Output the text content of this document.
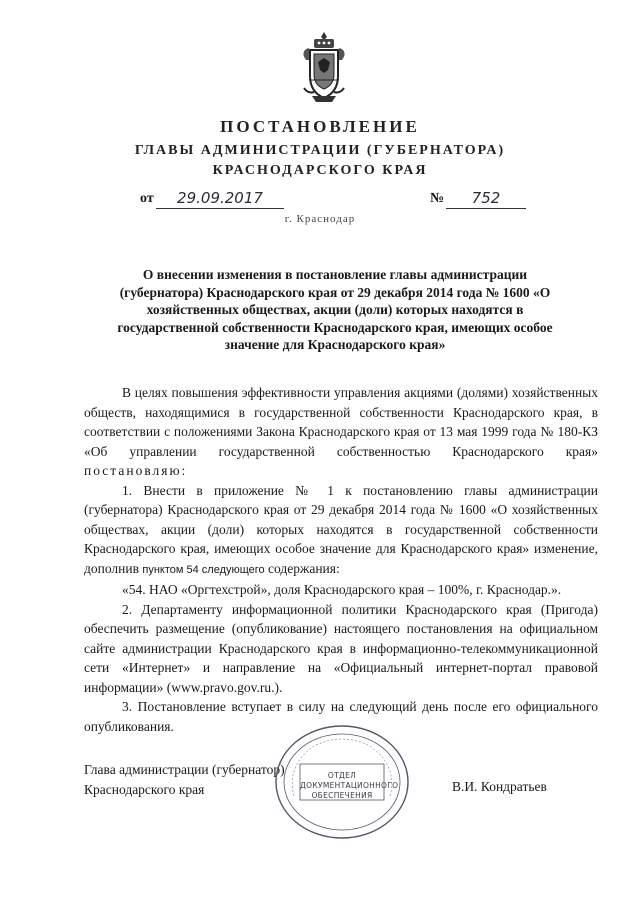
ПОСТАНОВЛЕНИЕ
ГЛАВЫ АДМИНИСТРАЦИИ (ГУБЕРНАТОРА)
КРАСНОДАРСКОГО КРАЯ
от	29.09.2017	№	752
г. Краснодар
О внесении изменения в постановление главы администрации (губернатора) Краснодарского края от 29 декабря 2014 года № 1600 «О хозяйственных обществах, акции (доли) которых находятся в государственной собственности Краснодарского края, имеющих особое значение для Краснодарского края»

В целях повышения эффективности управления акциями (долями) хозяйственных обществ, находящимися в государственной собственности Краснодарского края, в соответствии с положениями Закона Краснодарского края от 13 мая 1999 года № 180-КЗ «Об управлении государственной собственностью Краснодарского края» постановляю:

1. Внести в приложение № 1 к постановлению главы администрации (губернатора) Краснодарского края от 29 декабря 2014 года № 1600 «О хозяйственных обществах, акции (доли) которых находятся в государственной собственности Краснодарского края, имеющих особое значение для Краснодарского края» изменение, дополнив пунктом 54 следующего содержания:

«54. НАО «Оргтехстрой», доля Краснодарского края – 100%, г. Краснодар.».

2. Департаменту информационной политики Краснодарского края (Пригода) обеспечить размещение (опубликование) настоящего постановления на официальном сайте администрации Краснодарского края в информационно-телекоммуникационной сети «Интернет» и направление на «Официальный интернет-портал правовой информации» (www.pravo.gov.ru.).

3. Постановление вступает в силу на следующий день после его официального опубликования.

Глава администрации (губернатор)
Краснодарского края	В.И. Кондратьев
ОТДЕЛ
ДОКУМЕНТАЦИОННОГО
ОБЕСПЕЧЕНИЯ
